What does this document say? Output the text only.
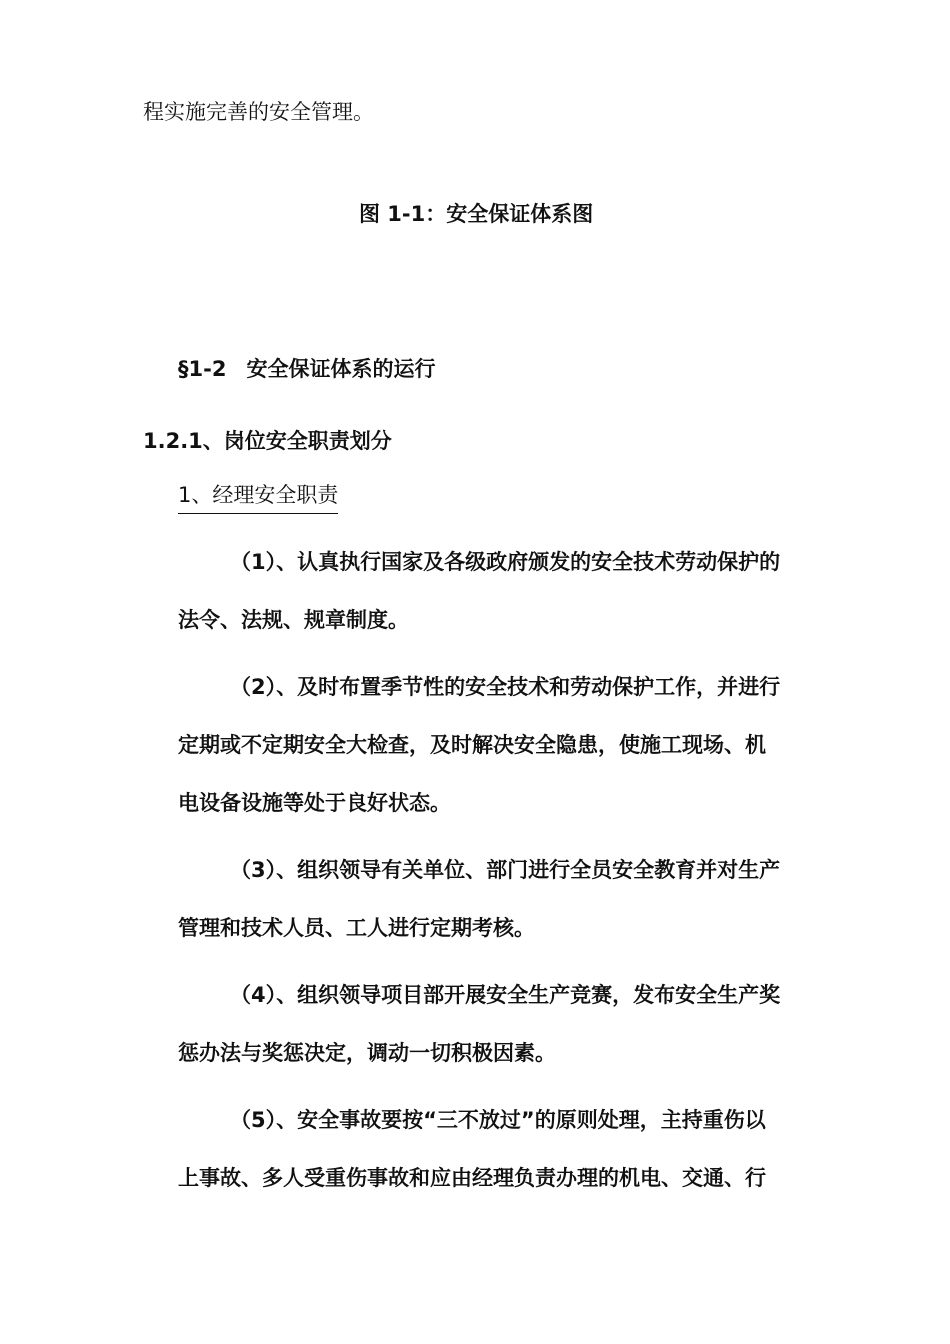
程实施完善的安全管理。
图 1-1：安全保证体系图
§1-2 安全保证体系的运行
1.2.1、岗位安全职责划分
1、经理安全职责
（1）、认真执行国家及各级政府颁发的安全技术劳动保护的
法令、法规、规章制度。
（2）、及时布置季节性的安全技术和劳动保护工作，并进行
定期或不定期安全大检查，及时解决安全隐患，使施工现场、机
电设备设施等处于良好状态。
（3）、组织领导有关单位、部门进行全员安全教育并对生产
管理和技术人员、工人进行定期考核。
（4）、组织领导项目部开展安全生产竞赛，发布安全生产奖
惩办法与奖惩决定，调动一切积极因素。
（5）、安全事故要按“三不放过”的原则处理，主持重伤以
上事故、多人受重伤事故和应由经理负责办理的机电、交通、行
